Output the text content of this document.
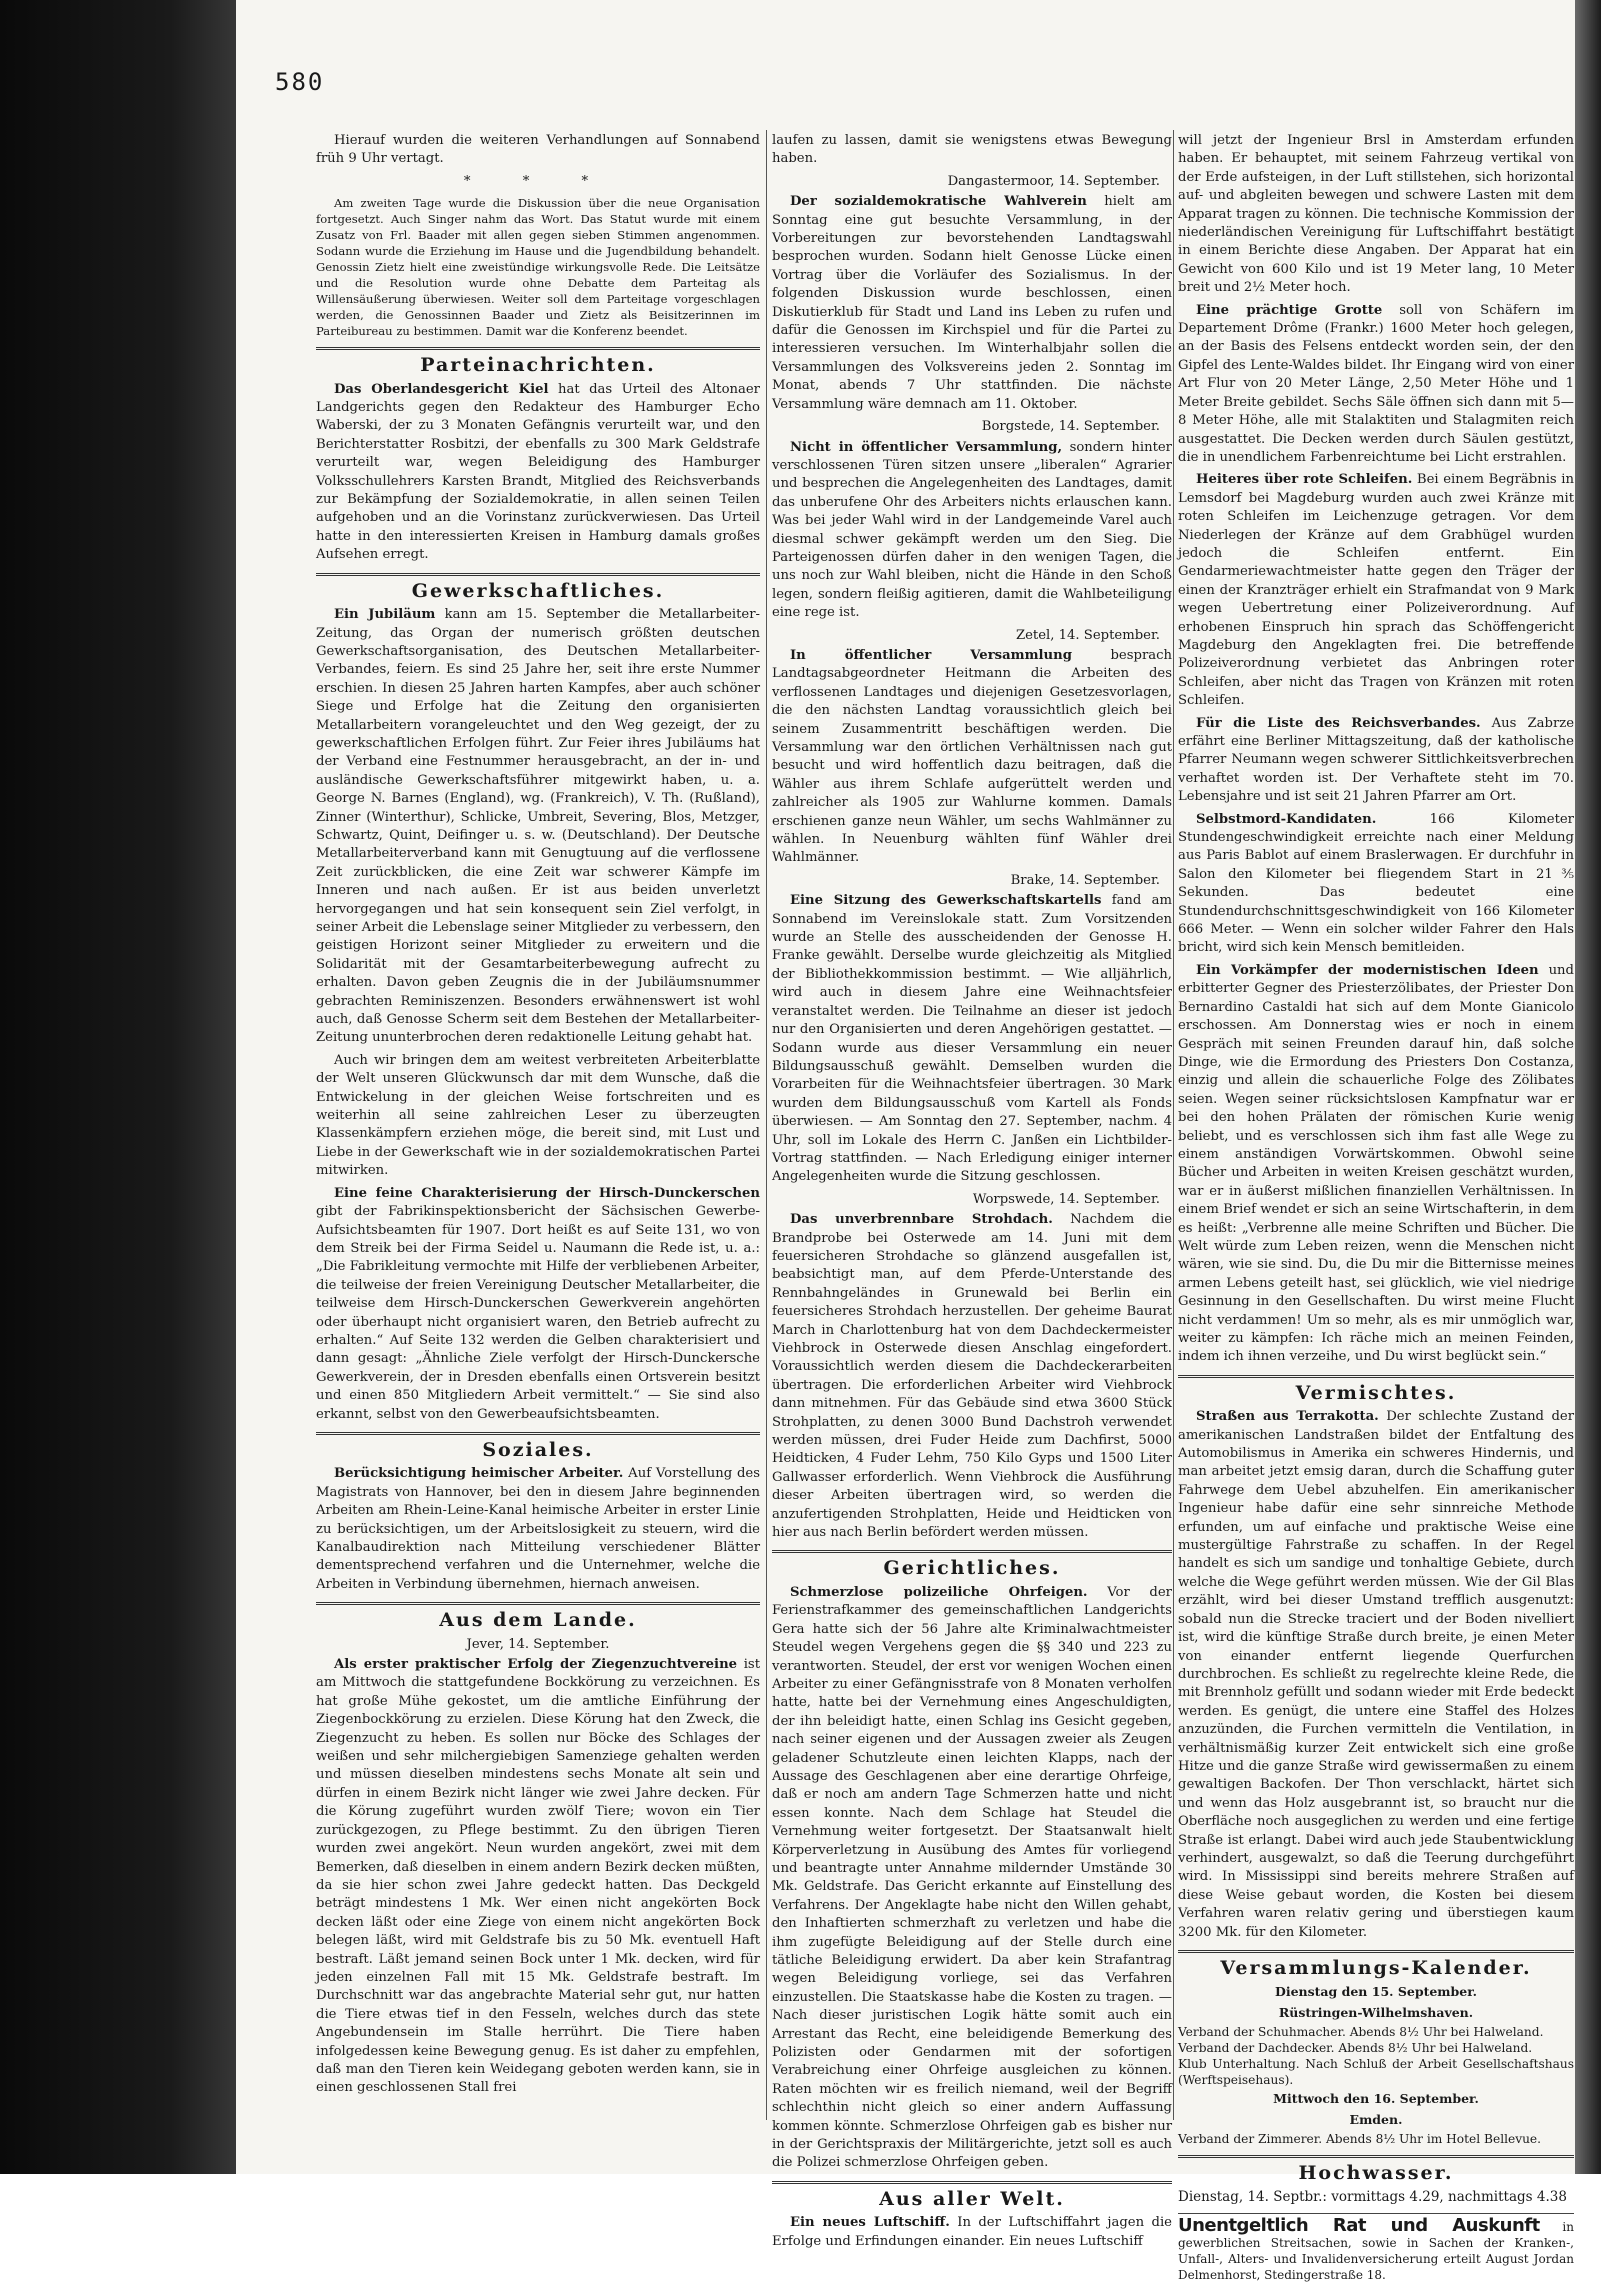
580

Hierauf wurden die weiteren Verhandlungen auf Sonnabend früh 9 Uhr vertagt.

* * *

Am zweiten Tage wurde die Diskussion über die neue Organisation fortgesetzt. Auch Singer nahm das Wort. Das Statut wurde mit einem Zusatz von Frl. Baader mit allen gegen sieben Stimmen angenommen. Sodann wurde die Erziehung im Hause und die Jugendbildung behandelt. Genossin Zietz hielt eine zweistündige wirkungsvolle Rede. Die Leitsätze und die Resolution wurde ohne Debatte dem Parteitag als Willensäußerung überwiesen. Weiter soll dem Parteitage vorgeschlagen werden, die Genossinnen Baader und Zietz als Beisitzerinnen im Parteibureau zu bestimmen. Damit war die Konferenz beendet.

Parteinachrichten.

Das Oberlandesgericht Kiel hat das Urteil des Altonaer Landgerichts gegen den Redakteur des Hamburger Echo Waberski, der zu 3 Monaten Gefängnis verurteilt war, und den Berichterstatter Rosbitzi, der ebenfalls zu 300 Mark Geldstrafe verurteilt war, wegen Beleidigung des Hamburger Volksschullehrers Karsten Brandt, Mitglied des Reichsverbands zur Bekämpfung der Sozialdemokratie, in allen seinen Teilen aufgehoben und an die Vorinstanz zurückverwiesen. Das Urteil hatte in den interessierten Kreisen in Hamburg damals großes Aufsehen erregt.

Gewerkschaftliches.

Ein Jubiläum kann am 15. September die Metallarbeiter-Zeitung, das Organ der numerisch größten deutschen Gewerkschaftsorganisation, des Deutschen Metallarbeiter-Verbandes, feiern. Es sind 25 Jahre her, seit ihre erste Nummer erschien. In diesen 25 Jahren harten Kampfes, aber auch schöner Siege und Erfolge hat die Zeitung den organisierten Metallarbeitern vorangeleuchtet und den Weg gezeigt, der zu gewerkschaftlichen Erfolgen führt. Zur Feier ihres Jubiläums hat der Verband eine Festnummer herausgebracht, an der in- und ausländische Gewerkschaftsführer mitgewirkt haben, u. a. George N. Barnes (England), wg. (Frankreich), V. Th. (Rußland), Zinner (Winterthur), Schlicke, Umbreit, Severing, Blos, Metzger, Schwartz, Quint, Deifinger u. s. w. (Deutschland). Der Deutsche Metallarbeiterverband kann mit Genugtuung auf die verflossene Zeit zurückblicken, die eine Zeit war schwerer Kämpfe im Inneren und nach außen. Er ist aus beiden unverletzt hervorgegangen und hat sein konsequent sein Ziel verfolgt, in seiner Arbeit die Lebenslage seiner Mitglieder zu verbessern, den geistigen Horizont seiner Mitglieder zu erweitern und die Solidarität mit der Gesamtarbeiterbewegung aufrecht zu erhalten. Davon geben Zeugnis die in der Jubiläumsnummer gebrachten Reminiszenzen. Besonders erwähnenswert ist wohl auch, daß Genosse Scherm seit dem Bestehen der Metallarbeiter-Zeitung ununterbrochen deren redaktionelle Leitung gehabt hat.

Auch wir bringen dem am weitest verbreiteten Arbeiterblatte der Welt unseren Glückwunsch dar mit dem Wunsche, daß die Entwickelung in der gleichen Weise fortschreiten und es weiterhin all seine zahlreichen Leser zu überzeugten Klassenkämpfern erziehen möge, die bereit sind, mit Lust und Liebe in der Gewerkschaft wie in der sozialdemokratischen Partei mitwirken.

Eine feine Charakterisierung der Hirsch-Dunckerschen gibt der Fabrikinspektionsbericht der Sächsischen Gewerbe-Aufsichtsbeamten für 1907. Dort heißt es auf Seite 131, wo von dem Streik bei der Firma Seidel u. Naumann die Rede ist, u. a.: „Die Fabrikleitung vermochte mit Hilfe der verbliebenen Arbeiter, die teilweise der freien Vereinigung Deutscher Metallarbeiter, die teilweise dem Hirsch-Dunckerschen Gewerkverein angehörten oder überhaupt nicht organisiert waren, den Betrieb aufrecht zu erhalten.“ Auf Seite 132 werden die Gelben charakterisiert und dann gesagt: „Ähnliche Ziele verfolgt der Hirsch-Dunckersche Gewerkverein, der in Dresden ebenfalls einen Ortsverein besitzt und einen 850 Mitgliedern Arbeit vermittelt.“ — Sie sind also erkannt, selbst von den Gewerbeaufsichtsbeamten.

Soziales.

Berücksichtigung heimischer Arbeiter. Auf Vorstellung des Magistrats von Hannover, bei den in diesem Jahre beginnenden Arbeiten am Rhein-Leine-Kanal heimische Arbeiter in erster Linie zu berücksichtigen, um der Arbeitslosigkeit zu steuern, wird die Kanalbaudirektion nach Mitteilung verschiedener Blätter dementsprechend verfahren und die Unternehmer, welche die Arbeiten in Verbindung übernehmen, hiernach anweisen.

Aus dem Lande.
Jever, 14. September.

Als erster praktischer Erfolg der Ziegenzuchtvereine ist am Mittwoch die stattgefundene Bockkörung zu verzeichnen. Es hat große Mühe gekostet, um die amtliche Einführung der Ziegenbockkörung zu erzielen. Diese Körung hat den Zweck, die Ziegenzucht zu heben. Es sollen nur Böcke des Schlages der weißen und sehr milchergiebigen Samenziege gehalten werden und müssen dieselben mindestens sechs Monate alt sein und dürfen in einem Bezirk nicht länger wie zwei Jahre decken. Für die Körung zugeführt wurden zwölf Tiere; wovon ein Tier zurückgezogen, zu Pflege bestimmt. Zu den übrigen Tieren wurden zwei angekört. Neun wurden angekört, zwei mit dem Bemerken, daß dieselben in einem andern Bezirk decken müßten, da sie hier schon zwei Jahre gedeckt hatten. Das Deckgeld beträgt mindestens 1 Mk. Wer einen nicht angekörten Bock decken läßt oder eine Ziege von einem nicht angekörten Bock belegen läßt, wird mit Geldstrafe bis zu 50 Mk. eventuell Haft bestraft. Läßt jemand seinen Bock unter 1 Mk. decken, wird für jeden einzelnen Fall mit 15 Mk. Geldstrafe bestraft. Im Durchschnitt war das angebrachte Material sehr gut, nur hatten die Tiere etwas tief in den Fesseln, welches durch das stete Angebundensein im Stalle herrührt. Die Tiere haben infolgedessen keine Bewegung genug. Es ist daher zu empfehlen, daß man den Tieren kein Weidegang geboten werden kann, sie in einen geschlossenen Stall frei

laufen zu lassen, damit sie wenigstens etwas Bewegung haben.

Dangastermoor, 14. September.

Der sozialdemokratische Wahlverein hielt am Sonntag eine gut besuchte Versammlung, in der Vorbereitungen zur bevorstehenden Landtagswahl besprochen wurden. Sodann hielt Genosse Lücke einen Vortrag über die Vorläufer des Sozialismus. In der folgenden Diskussion wurde beschlossen, einen Diskutierklub für Stadt und Land ins Leben zu rufen und dafür die Genossen im Kirchspiel und für die Partei zu interessieren versuchen. Im Winterhalbjahr sollen die Versammlungen des Volksvereins jeden 2. Sonntag im Monat, abends 7 Uhr stattfinden. Die nächste Versammlung wäre demnach am 11. Oktober.

Borgstede, 14. September.

Nicht in öffentlicher Versammlung, sondern hinter verschlossenen Türen sitzen unsere „liberalen“ Agrarier und besprechen die Angelegenheiten des Landtages, damit das unberufene Ohr des Arbeiters nichts erlauschen kann. Was bei jeder Wahl wird in der Landgemeinde Varel auch diesmal schwer gekämpft werden um den Sieg. Die Parteigenossen dürfen daher in den wenigen Tagen, die uns noch zur Wahl bleiben, nicht die Hände in den Schoß legen, sondern fleißig agitieren, damit die Wahlbeteiligung eine rege ist.

Zetel, 14. September.

In öffentlicher Versammlung	besprach Landtagsabgeordneter Heitmann die Arbeiten des verflossenen Landtages und diejenigen Gesetzesvorlagen, die den nächsten Landtag voraussichtlich gleich bei seinem Zusammentritt beschäftigen werden. Die Versammlung war den örtlichen Verhältnissen nach gut besucht und wird hoffentlich dazu beitragen, daß die Wähler aus ihrem Schlafe aufgerüttelt werden und zahlreicher als 1905 zur Wahlurne kommen. Damals erschienen ganze neun Wähler, um sechs Wahlmänner zu wählen. In Neuenburg wählten fünf Wähler drei Wahlmänner.

Brake, 14. September.

Eine Sitzung des Gewerkschaftskartells fand am Sonnabend im Vereinslokale statt. Zum Vorsitzenden wurde an Stelle des ausscheidenden der Genosse H. Franke gewählt. Derselbe wurde gleichzeitig als Mitglied der Bibliothekkommission bestimmt. — Wie alljährlich, wird auch in diesem Jahre eine Weihnachtsfeier veranstaltet werden. Die Teilnahme an dieser ist jedoch nur den Organisierten und deren Angehörigen gestattet. — Sodann wurde aus dieser Versammlung ein neuer Bildungsausschuß gewählt. Demselben wurden die Vorarbeiten für die Weihnachtsfeier übertragen. 30 Mark wurden dem Bildungsausschuß vom Kartell als Fonds überwiesen. — Am Sonntag den 27. September, nachm. 4 Uhr, soll im Lokale des Herrn C. Janßen ein Lichtbilder-Vortrag stattfinden. — Nach Erledigung einiger interner Angelegenheiten wurde die Sitzung geschlossen.

Worpswede, 14. September.

Das unverbrennbare Strohdach. Nachdem die Brandprobe bei Osterwede am 14. Juni mit dem feuersicheren Strohdache so glänzend ausgefallen ist, beabsichtigt man, auf dem Pferde-Unterstande des Rennbahngeländes in Grunewald bei Berlin ein feuersicheres Strohdach herzustellen. Der geheime Baurat March in Charlottenburg hat von dem Dachdeckermeister Viehbrock in Osterwede diesen Anschlag eingefordert. Voraussichtlich werden diesem die Dachdeckerarbeiten übertragen. Die erforderlichen Arbeiter wird Viehbrock dann mitnehmen. Für das Gebäude sind etwa 3600 Stück Strohplatten, zu denen 3000 Bund Dachstroh verwendet werden müssen, drei Fuder Heide zum Dachfirst, 5000 Heidticken, 4 Fuder Lehm, 750 Kilo Gyps und 1500 Liter Gallwasser erforderlich. Wenn Viehbrock die Ausführung dieser Arbeiten übertragen wird, so werden die anzufertigenden Strohplatten, Heide und Heidticken von hier aus nach Berlin befördert werden müssen.

Gerichtliches.

Schmerzlose polizeiliche Ohrfeigen. Vor der Ferienstrafkammer des gemeinschaftlichen Landgerichts Gera hatte sich der 56 Jahre alte Kriminalwachtmeister Steudel wegen Vergehens gegen die §§ 340 und 223 zu verantworten. Steudel, der erst vor wenigen Wochen einen Arbeiter zu einer Gefängnisstrafe von 8 Monaten verholfen hatte, hatte bei der Vernehmung eines Angeschuldigten, der ihn beleidigt hatte, einen Schlag ins Gesicht gegeben, nach seiner eigenen und der Aussagen zweier als Zeugen geladener Schutzleute einen leichten Klapps, nach der Aussage des Geschlagenen aber eine derartige Ohrfeige, daß er noch am andern Tage Schmerzen hatte und nicht essen konnte. Nach dem Schlage hat Steudel die Vernehmung weiter fortgesetzt. Der Staatsanwalt hielt Körperverletzung in Ausübung des Amtes für vorliegend und beantragte unter Annahme mildernder Umstände 30 Mk. Geldstrafe. Das Gericht erkannte auf Einstellung des Verfahrens. Der Angeklagte habe nicht den Willen gehabt, den Inhaftierten schmerzhaft zu verletzen und habe die ihm zugefügte Beleidigung auf der Stelle durch eine tätliche Beleidigung erwidert. Da aber kein Strafantrag wegen Beleidigung vorliege, sei das Verfahren einzustellen. Die Staatskasse habe die Kosten zu tragen. — Nach dieser juristischen Logik hätte somit auch ein Arrestant das Recht, eine beleidigende Bemerkung des Polizisten oder Gendarmen mit der sofortigen Verabreichung einer Ohrfeige ausgleichen zu können. Raten möchten wir es freilich niemand, weil der Begriff schlechthin nicht gleich so einer andern Auffassung kommen könnte. Schmerzlose Ohrfeigen gab es bisher nur in der Gerichtspraxis der Militärgerichte, jetzt soll es auch die Polizei schmerzlose Ohrfeigen geben.

Aus aller Welt.

Ein neues Luftschiff. In der Luftschiffahrt jagen die Erfolge und Erfindungen einander. Ein neues Luftschiff

will jetzt der Ingenieur Brsl in Amsterdam erfunden haben. Er behauptet, mit seinem Fahrzeug vertikal von der Erde aufsteigen, in der Luft stillstehen, sich horizontal auf- und abgleiten bewegen und schwere Lasten mit dem Apparat tragen zu können. Die technische Kommission der niederländischen Vereinigung für Luftschiffahrt bestätigt in einem Berichte diese Angaben. Der Apparat hat ein Gewicht von 600 Kilo und ist 19 Meter lang, 10 Meter breit und 2½ Meter hoch.

Eine prächtige Grotte soll von Schäfern im Departement Drôme (Frankr.) 1600 Meter hoch gelegen, an der Basis des Felsens entdeckt worden sein, der den Gipfel des Lente-Waldes bildet. Ihr Eingang wird von einer Art Flur von 20 Meter Länge, 2,50 Meter Höhe und 1 Meter Breite gebildet. Sechs Säle öffnen sich dann mit 5—8 Meter Höhe, alle mit Stalaktiten und Stalagmiten reich ausgestattet. Die Decken werden durch Säulen gestützt, die in unendlichem Farbenreichtume bei Licht erstrahlen.

Heiteres über rote Schleifen. Bei einem Begräbnis in Lemsdorf bei Magdeburg wurden auch zwei Kränze mit roten Schleifen im Leichenzuge getragen. Vor dem Niederlegen der Kränze auf dem Grabhügel wurden jedoch die Schleifen entfernt. Ein Gendarmeriewachtmeister hatte gegen den Träger der einen der Kranzträger erhielt ein Strafmandat von 9 Mark wegen Uebertretung einer Polizeiverordnung. Auf erhobenen Einspruch hin sprach das Schöffengericht Magdeburg den Angeklagten frei. Die betreffende Polizeiverordnung verbietet das Anbringen roter Schleifen, aber nicht das Tragen von Kränzen mit roten Schleifen.

Für die Liste des Reichsverbandes. Aus Zabrze erfährt eine Berliner Mittagszeitung, daß der katholische Pfarrer Neumann wegen schwerer Sittlichkeitsverbrechen verhaftet worden ist. Der Verhaftete steht im 70. Lebensjahre und ist seit 21 Jahren Pfarrer am Ort.

Selbstmord-Kandidaten.	166 Kilometer Stundengeschwindigkeit erreichte nach einer Meldung aus Paris Bablot auf einem Braslerwagen. Er durchfuhr in Salon den Kilometer bei fliegendem Start in 21⅗ Sekunden. Das bedeutet eine Stundendurchschnittsgeschwindigkeit von 166 Kilometer 666 Meter. — Wenn ein solcher wilder Fahrer den Hals bricht, wird sich kein Mensch bemitleiden.

Ein Vorkämpfer der modernistischen Ideen und erbitterter Gegner des Priesterzölibates, der Priester Don Bernardino Castaldi hat sich auf dem Monte Gianicolo erschossen. Am Donnerstag wies er noch in einem Gespräch mit seinen Freunden darauf hin, daß solche Dinge, wie die Ermordung des Priesters Don Costanza, einzig und allein die schauerliche Folge des Zölibates seien. Wegen seiner rücksichtslosen Kampfnatur war er bei den hohen Prälaten der römischen Kurie wenig beliebt, und es verschlossen sich ihm fast alle Wege zu einem anständigen Vorwärtskommen. Obwohl seine Bücher und Arbeiten in weiten Kreisen geschätzt wurden, war er in äußerst mißlichen finanziellen Verhältnissen. In einem Brief wendet er sich an seine Wirtschafterin, in dem es heißt: „Verbrenne alle meine Schriften und Bücher. Die Welt würde zum Leben reizen, wenn die Menschen nicht wären, wie sie sind. Du, die Du mir die Bitternisse meines armen Lebens geteilt hast, sei glücklich, wie viel niedrige Gesinnung in den Gesellschaften. Du wirst meine Flucht nicht verdammen! Um so mehr, als es mir unmöglich war, weiter zu kämpfen: Ich räche mich an meinen Feinden, indem ich ihnen verzeihe, und Du wirst beglückt sein.“

Vermischtes.

Straßen aus Terrakotta. Der schlechte Zustand der amerikanischen Landstraßen bildet der Entfaltung des Automobilismus in Amerika ein schweres Hindernis, und man arbeitet jetzt emsig daran, durch die Schaffung guter Fahrwege dem Uebel abzuhelfen. Ein amerikanischer Ingenieur habe dafür eine sehr sinnreiche Methode erfunden, um auf einfache und praktische Weise eine mustergültige Fahrstraße zu schaffen. In der Regel handelt es sich um sandige und tonhaltige Gebiete, durch welche die Wege geführt werden müssen. Wie der Gil Blas erzählt, wird bei dieser Umstand trefflich ausgenutzt: sobald nun die Strecke traciert und der Boden nivelliert ist, wird die künftige Straße durch breite, je einen Meter von einander entfernt liegende Querfurchen durchbrochen. Es schließt zu regelrechte kleine Rede, die mit Brennholz gefüllt und sodann wieder mit Erde bedeckt werden. Es genügt, die untere eine Staffel des Holzes anzuzünden, die Furchen vermitteln die Ventilation, in verhältnismäßig kurzer Zeit entwickelt sich eine große Hitze und die ganze Straße wird gewissermaßen zu einem gewaltigen Backofen. Der Thon verschlackt, härtet sich und wenn das Holz ausgebrannt ist, so braucht nur die Oberfläche noch ausgeglichen zu werden und eine fertige Straße ist erlangt. Dabei wird auch jede Staubentwicklung verhindert, ausgewalzt, so daß die Teerung durchgeführt wird. In Mississippi sind bereits mehrere Straßen auf diese Weise gebaut worden, die Kosten bei diesem Verfahren waren relativ gering und überstiegen kaum 3200 Mk. für den Kilometer.

Versammlungs-Kalender.
Dienstag den 15. September.
Rüstringen-Wilhelmshaven.

Verband der Schuhmacher. Abends 8½ Uhr bei Halweland.

Verband der Dachdecker. Abends 8½ Uhr bei Halweland.

Klub Unterhaltung. Nach Schluß der Arbeit Gesellschaftshaus (Werftspeisehaus).

Mittwoch den 16. September.
Emden.

Verband der Zimmerer. Abends 8½ Uhr im Hotel Bellevue.

Hochwasser.

Dienstag, 14. Septbr.: vormittags 4.29, nachmittags 4.38

Unentgeltlich Rat und Auskunft in gewerblichen Streitsachen, sowie in Sachen der Kranken-, Unfall-, Alters- und Invalidenversicherung erteilt August Jordan Delmenhorst, Stedingerstraße 18.
